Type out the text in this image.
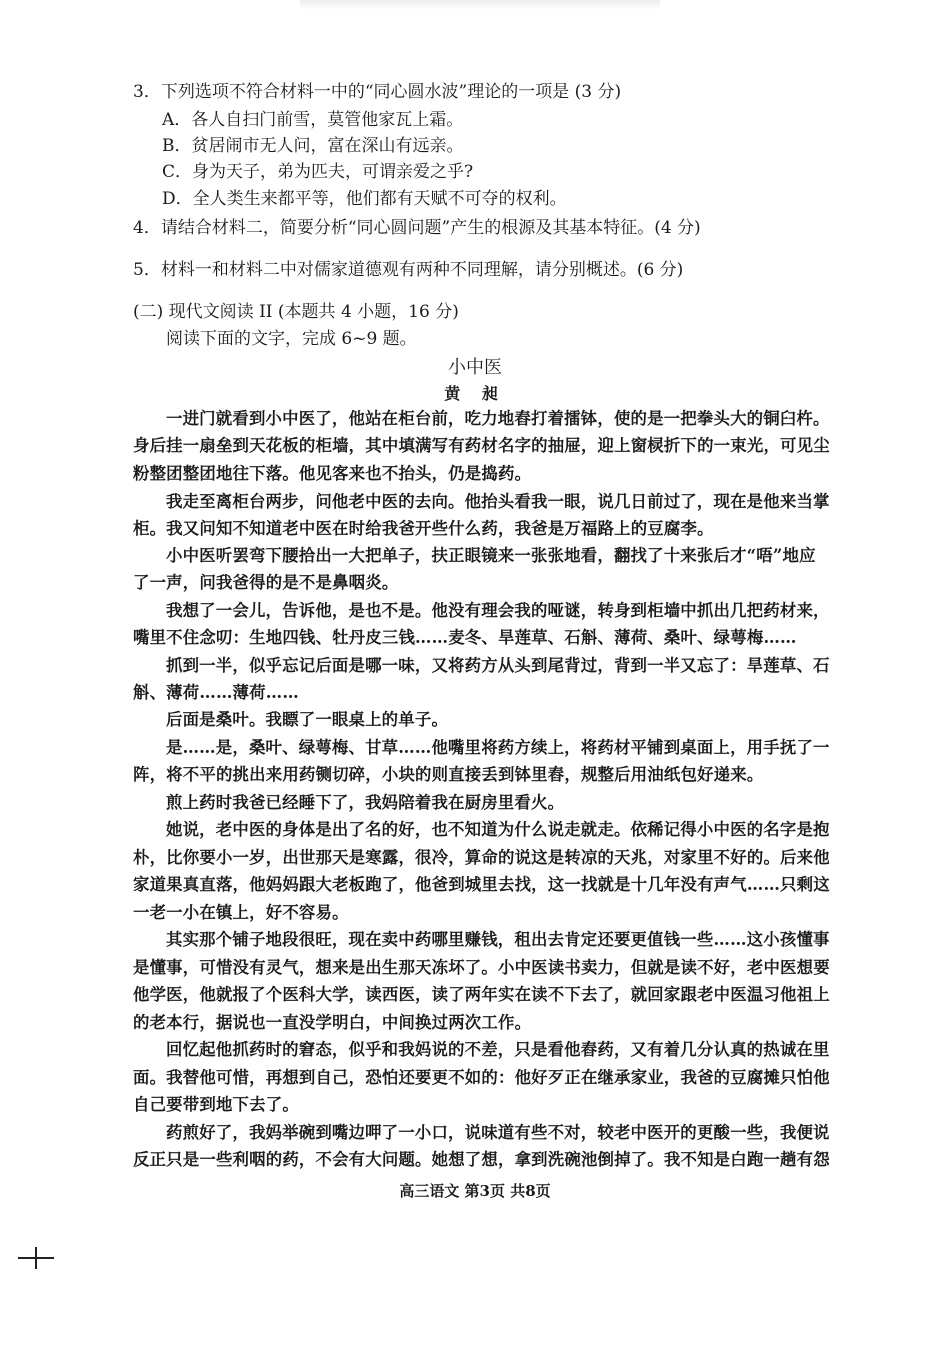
3．下列选项不符合材料一中的“同心圆水波”理论的一项是 (3 分)
A．各人自扫门前雪，莫管他家瓦上霜。
B．贫居闹市无人问，富在深山有远亲。
C．身为天子，弟为匹夫，可谓亲爱之乎?
D．全人类生来都平等，他们都有天赋不可夺的权利。
4．请结合材料二，简要分析“同心圆问题”产生的根源及其基本特征。(4 分)
5．材料一和材料二中对儒家道德观有两种不同理解，请分别概述。(6 分)
(二) 现代文阅读 II (本题共 4 小题，16 分)
阅读下面的文字，完成 6~9 题。
小中医
黄 昶
一进门就看到小中医了，他站在柜台前，吃力地舂打着擂钵，使的是一把拳头大的铜臼杵。
身后挂一扇垒到天花板的柜墙，其中填满写有药材名字的抽屉，迎上窗棂折下的一束光，可见尘
粉整团整团地往下落。他见客来也不抬头，仍是捣药。
我走至离柜台两步，问他老中医的去向。他抬头看我一眼，说几日前过了，现在是他来当掌
柜。我又问知不知道老中医在时给我爸开些什么药，我爸是万福路上的豆腐李。
小中医听罢弯下腰拾出一大把单子，扶正眼镜来一张张地看，翻找了十来张后才“唔”地应
了一声，问我爸得的是不是鼻咽炎。
我想了一会儿，告诉他，是也不是。他没有理会我的哑谜，转身到柜墙中抓出几把药材来，
嘴里不住念叨：生地四钱、牡丹皮三钱……麦冬、旱莲草、石斛、薄荷、桑叶、绿萼梅……
抓到一半，似乎忘记后面是哪一味，又将药方从头到尾背过，背到一半又忘了：旱莲草、石
斛、薄荷……薄荷……
后面是桑叶。我瞟了一眼桌上的单子。
是……是，桑叶、绿萼梅、甘草……他嘴里将药方续上，将药材平铺到桌面上，用手抚了一
阵，将不平的挑出来用药铡切碎，小块的则直接丢到钵里舂，规整后用油纸包好递来。
煎上药时我爸已经睡下了，我妈陪着我在厨房里看火。
她说，老中医的身体是出了名的好，也不知道为什么说走就走。依稀记得小中医的名字是抱
朴，比你要小一岁，出世那天是寒露，很冷，算命的说这是转凉的天兆，对家里不好的。后来他
家道果真直落，他妈妈跟大老板跑了，他爸到城里去找，这一找就是十几年没有声气……只剩这
一老一小在镇上，好不容易。
其实那个铺子地段很旺，现在卖中药哪里赚钱，租出去肯定还要更值钱一些……这小孩懂事
是懂事，可惜没有灵气，想来是出生那天冻坏了。小中医读书卖力，但就是读不好，老中医想要
他学医，他就报了个医科大学，读西医，读了两年实在读不下去了，就回家跟老中医温习他祖上
的老本行，据说也一直没学明白，中间换过两次工作。
回忆起他抓药时的窘态，似乎和我妈说的不差，只是看他舂药，又有着几分认真的热诚在里
面。我替他可惜，再想到自己，恐怕还要更不如的：他好歹正在继承家业，我爸的豆腐摊只怕他
自己要带到地下去了。
药煎好了，我妈举碗到嘴边呷了一小口，说味道有些不对，较老中医开的更酸一些，我便说
反正只是一些利咽的药，不会有大问题。她想了想，拿到洗碗池倒掉了。我不知是白跑一趟有怨
高三语文 第3页 共8页
